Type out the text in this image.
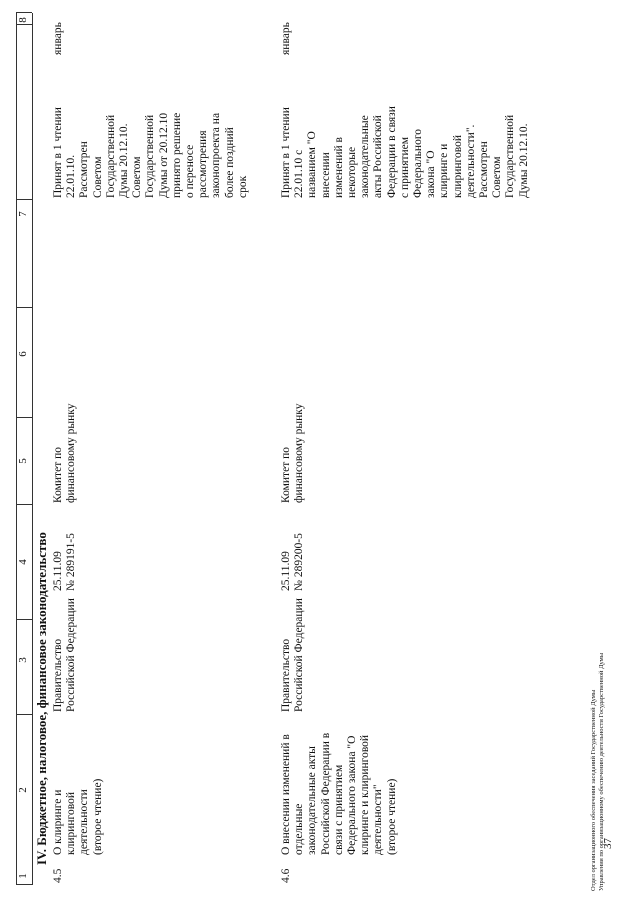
1
2
3
4
5
6
7
8
IV. Бюджетное, налоговое, финансовое законодательство
4.5
О клиринге и клиринговой деятельности (второе чтение)
Правительство Российской Федерации
25.11.09 № 289191-5
Комитет по финансовому рынку
Принят в 1 чтении 22.01.10. Рассмотрен Советом Государственной Думы 20.12.10. Советом Государственной Думы от 20.12.10 принято решение о переносе рассмотрения законопроекта на более поздний срок
январь
4.6
О внесении изменений в отдельные законодательные акты Российской Федерации в связи с принятием Федерального закона "О клиринге и клиринговой деятельности" (второе чтение)
Правительство Российской Федерации
25.11.09 № 289200-5
Комитет по финансовому рынку
Принят в 1 чтении 22.01.10 с названием "О внесении изменений в некоторые законодательные акты Российской Федерации в связи с принятием Федерального закона "О клиринге и клиринговой деятельности". Рассмотрен Советом Государственной Думы 20.12.10.
январь
Отдел организационного обеспечения заседаний Государственной Думы Управления по организационному обеспечению деятельности Государственной Думы
37
